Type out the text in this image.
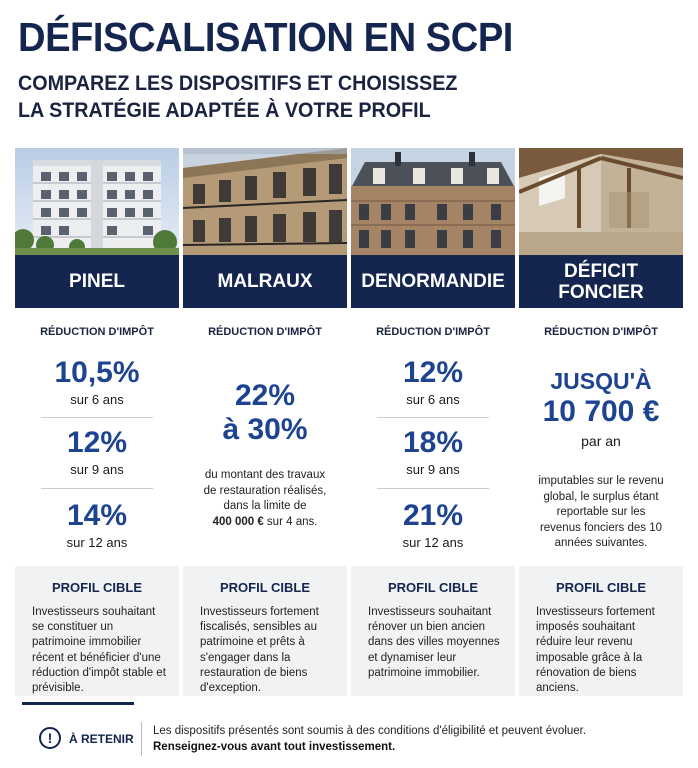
DÉFISCALISATION EN SCPI
COMPAREZ LES DISPOSITIFS ET CHOISISSEZ
LA STRATÉGIE ADAPTÉE À VOTRE PROFIL
PINEL
RÉDUCTION D'IMPÔT
10,5%
sur 6 ans
12%
sur 9 ans
14%
sur 12 ans
PROFIL CIBLE
Investisseurs souhaitant se constituer un patrimoine immobilier récent et bénéficier d'une réduction d'impôt stable et prévisible.
MALRAUX
RÉDUCTION D'IMPÔT
22%
à 30%
du montant des travaux
de restauration réalisés,
dans la limite de
400 000 € sur 4 ans.
PROFIL CIBLE
Investisseurs fortement fiscalisés, sensibles au patrimoine et prêts à s'engager dans la restauration de biens d'exception.
DENORMANDIE
RÉDUCTION D'IMPÔT
12%
sur 6 ans
18%
sur 9 ans
21%
sur 12 ans
PROFIL CIBLE
Investisseurs souhaitant rénover un bien ancien dans des villes moyennes et dynamiser leur patrimoine immobilier.
DÉFICIT
FONCIER
RÉDUCTION D'IMPÔT
JUSQU'À
10 700 €
par an
imputables sur le revenu global, le surplus étant reportable sur les revenus fonciers des 10 années suivantes.
PROFIL CIBLE
Investisseurs fortement imposés souhaitant réduire leur revenu imposable grâce à la rénovation de biens anciens.
!	À RETENIR
Les dispositifs présentés sont soumis à des conditions d'éligibilité et peuvent évoluer.
Renseignez-vous avant tout investissement.
